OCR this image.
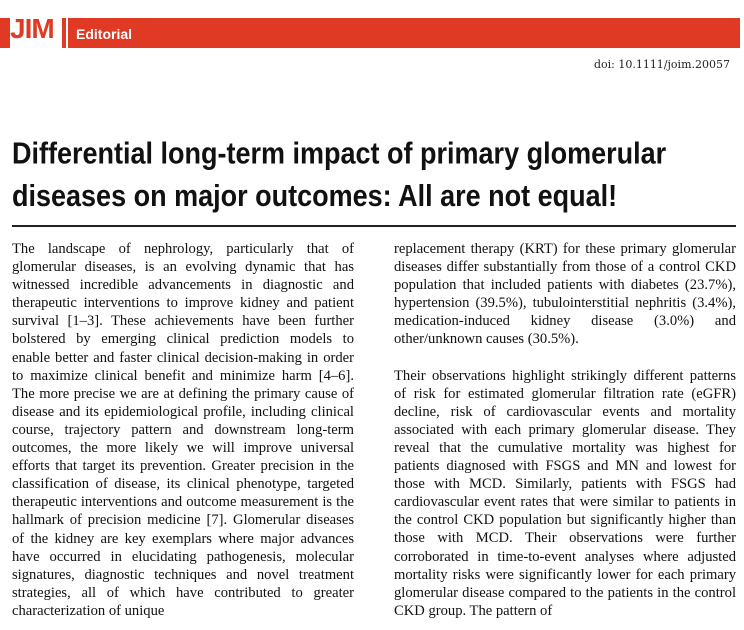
JIM	Editorial
doi: 10.1111/joim.20057
Differential long-term impact of primary glomerular diseases on major outcomes: All are not equal!

The landscape of nephrology, particularly that of glomerular diseases, is an evolving dynamic that has witnessed incredible advancements in diagnostic and therapeutic interventions to improve kidney and patient survival [1–3]. These achievements have been further bolstered by emerging clinical prediction models to enable better and faster clinical decision-making in order to maximize clinical benefit and minimize harm [4–6]. The more precise we are at defining the primary cause of disease and its epidemiological profile, including clinical course, trajectory pattern and downstream long-term outcomes, the more likely we will improve universal efforts that target its prevention. Greater precision in the classification of disease, its clinical phenotype, targeted therapeutic interventions and outcome measurement is the hallmark of precision medicine [7]. Glomerular diseases of the kidney are key exemplars where major advances have occurred in elucidating pathogenesis, molecular signatures, diagnostic techniques and novel treatment strategies, all of which have contributed to greater characterization of unique

replacement therapy (KRT) for these primary glomerular diseases differ substantially from those of a control CKD population that included patients with diabetes (23.7%), hypertension (39.5%), tubulointerstitial nephritis (3.4%), medication-induced kidney disease (3.0%) and other/unknown causes (30.5%).

Their observations highlight strikingly different patterns of risk for estimated glomerular filtration rate (eGFR) decline, risk of cardiovascular events and mortality associated with each primary glomerular disease. They reveal that the cumulative mortality was highest for patients diagnosed with FSGS and MN and lowest for those with MCD. Similarly, patients with FSGS had cardiovascular event rates that were similar to patients in the control CKD population but significantly higher than those with MCD. Their observations were further corroborated in time-to-event analyses where adjusted mortality risks were significantly lower for each primary glomerular disease compared to the patients in the control CKD group. The pattern of
